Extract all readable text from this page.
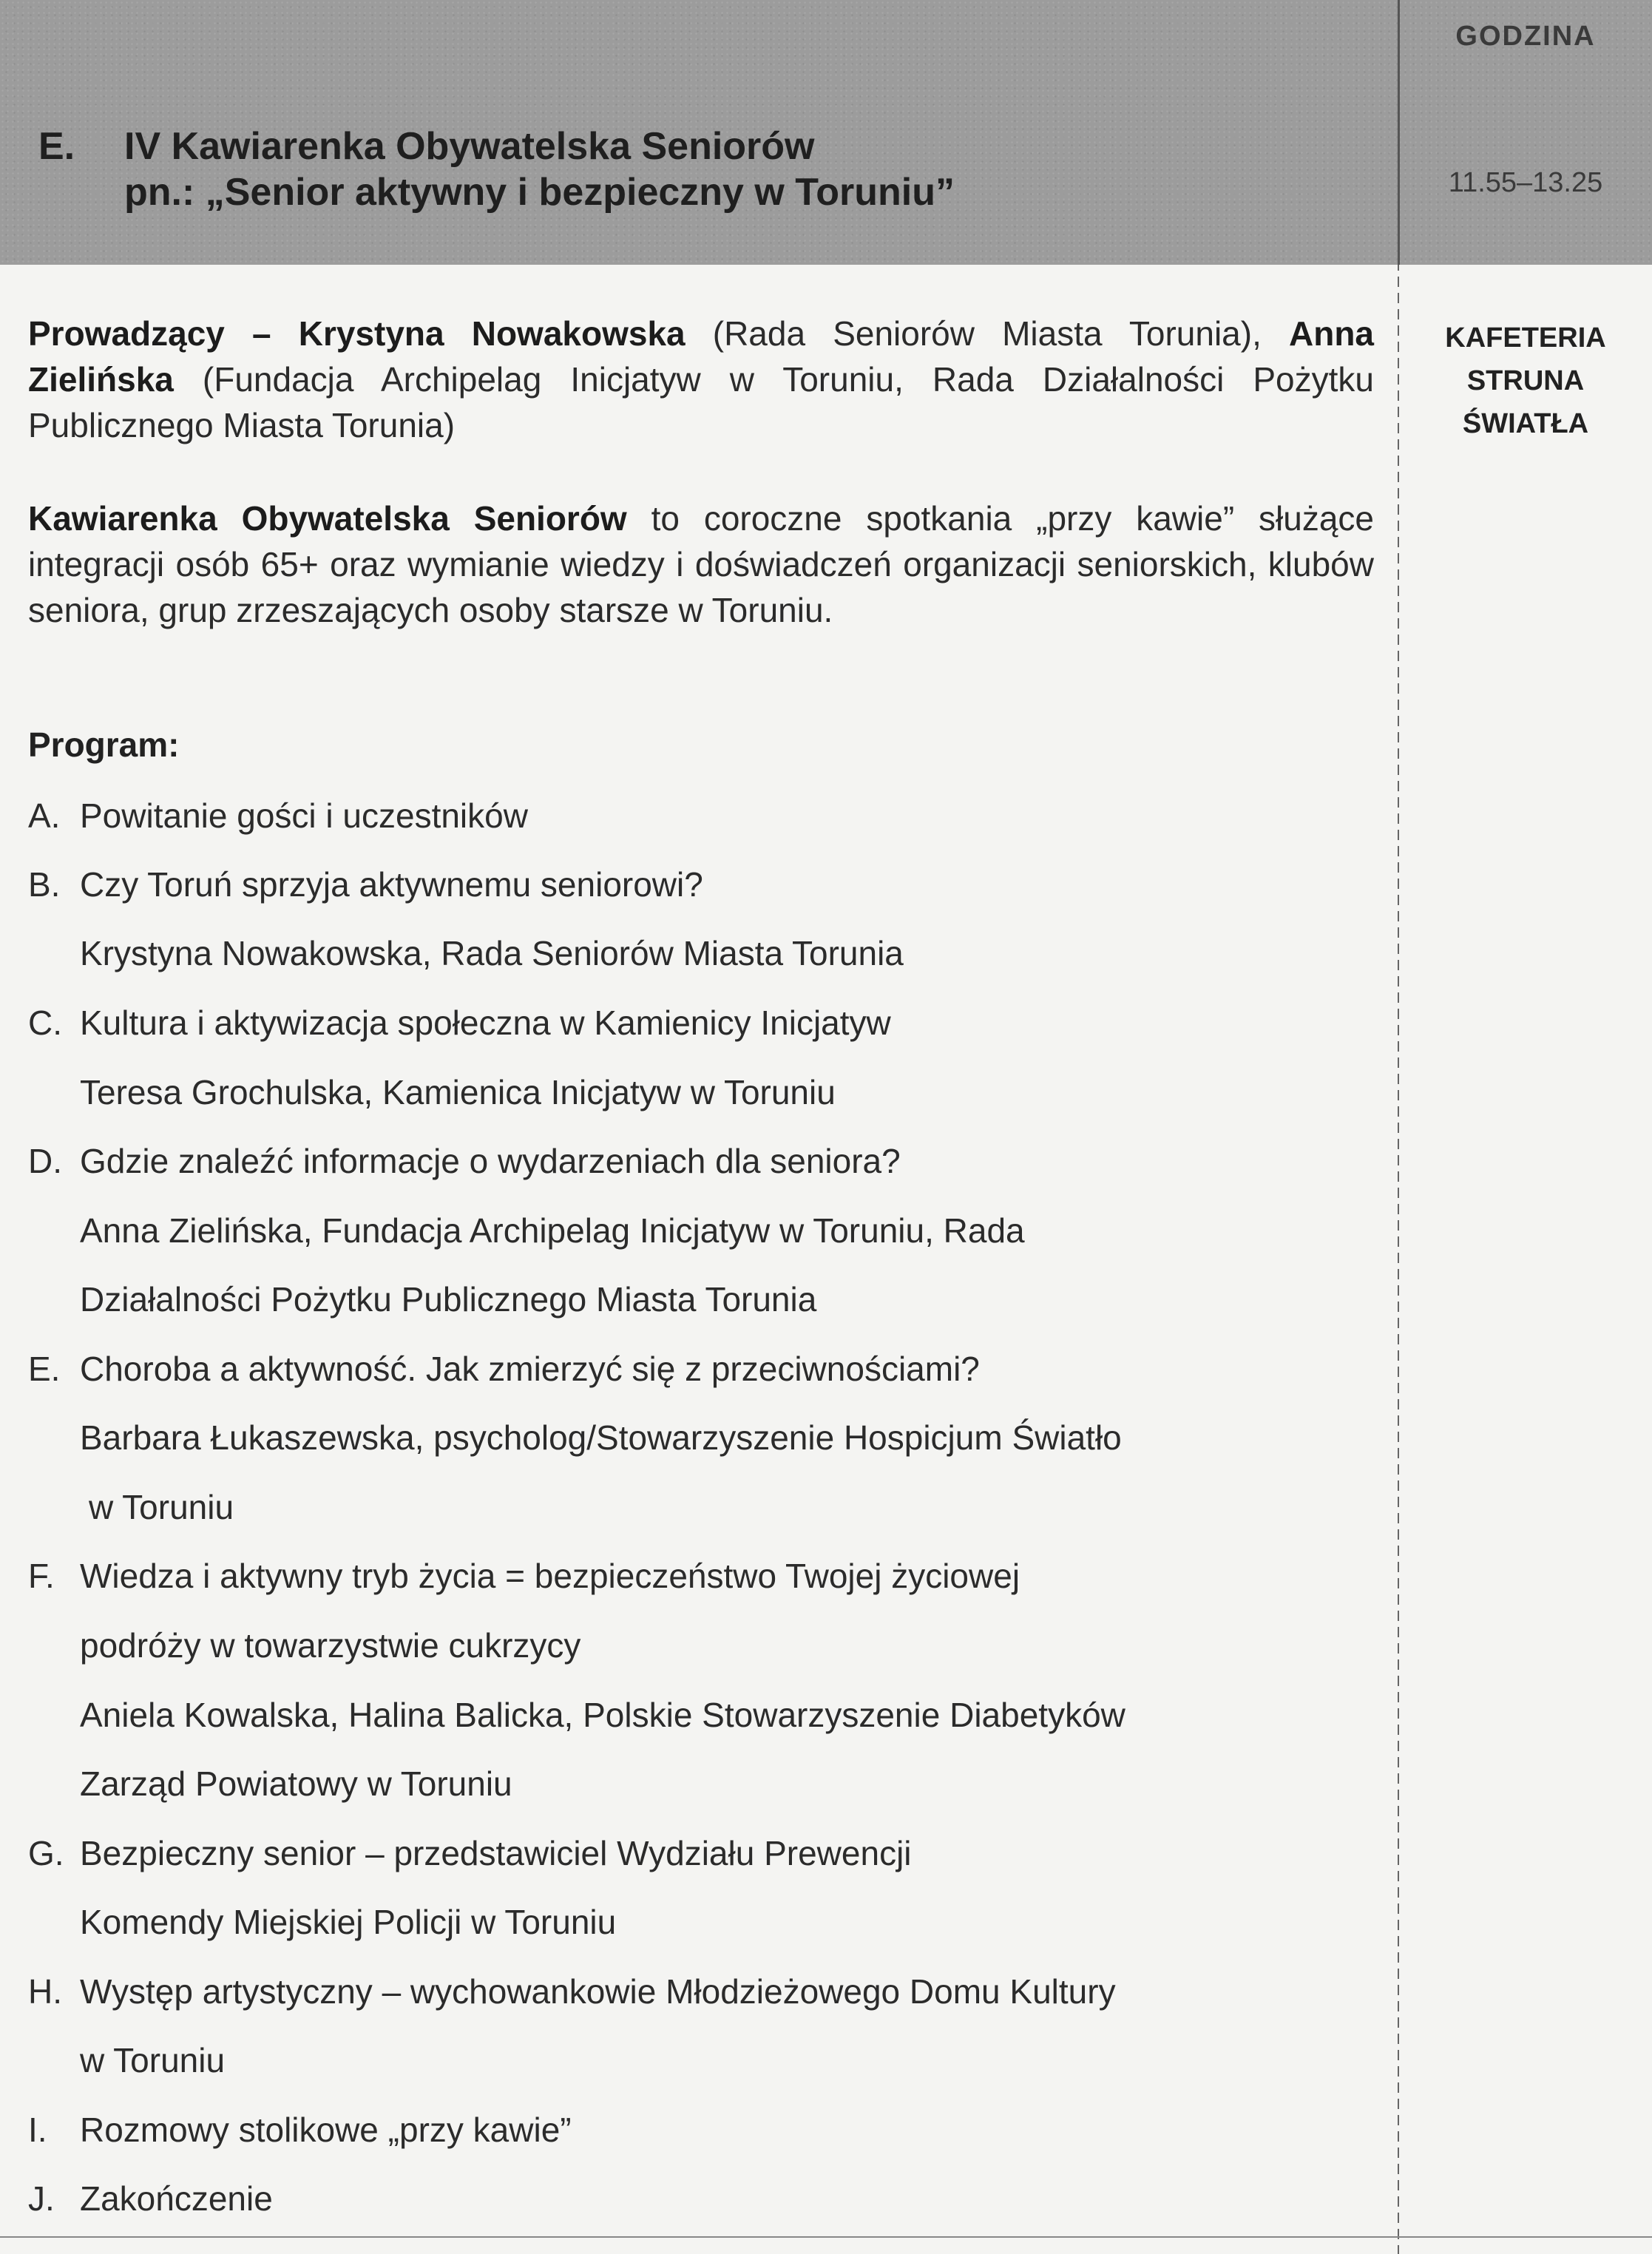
E. IV Kawiarenka Obywatelska Seniorów
pn.: „Senior aktywny i bezpieczny w Toruniu”
GODZINA
11.55–13.25
KAFETERIA
STRUNA
ŚWIATŁA
Prowadzący – Krystyna Nowakowska (Rada Seniorów Miasta Torunia), Anna Zielińska (Fundacja Archipelag Inicjatyw w Toruniu, Rada Działalności Pożytku Publicznego Miasta Torunia)
Kawiarenka Obywatelska Seniorów to coroczne spotkania „przy kawie” służące integracji osób 65+ oraz wymianie wiedzy i doświadczeń organizacji seniorskich, klubów seniora, grup zrzeszających osoby starsze w Toruniu.
Program:
A. Powitanie gości i uczestników
B. Czy Toruń sprzyja aktywnemu seniorowi?
Krystyna Nowakowska, Rada Seniorów Miasta Torunia
C. Kultura i aktywizacja społeczna w Kamienicy Inicjatyw
Teresa Grochulska, Kamienica Inicjatyw w Toruniu
D. Gdzie znaleźć informacje o wydarzeniach dla seniora?
Anna Zielińska, Fundacja Archipelag Inicjatyw w Toruniu, Rada
Działalności Pożytku Publicznego Miasta Torunia
E. Choroba a aktywność. Jak zmierzyć się z przeciwnościami?
Barbara Łukaszewska, psycholog/Stowarzyszenie Hospicjum Światło
w Toruniu
F. Wiedza i aktywny tryb życia = bezpieczeństwo Twojej życiowej
podróży w towarzystwie cukrzycy
Aniela Kowalska, Halina Balicka, Polskie Stowarzyszenie Diabetyków
Zarząd Powiatowy w Toruniu
G. Bezpieczny senior – przedstawiciel Wydziału Prewencji
Komendy Miejskiej Policji w Toruniu
H. Występ artystyczny – wychowankowie Młodzieżowego Domu Kultury
w Toruniu
I. Rozmowy stolikowe „przy kawie”
J. Zakończenie
